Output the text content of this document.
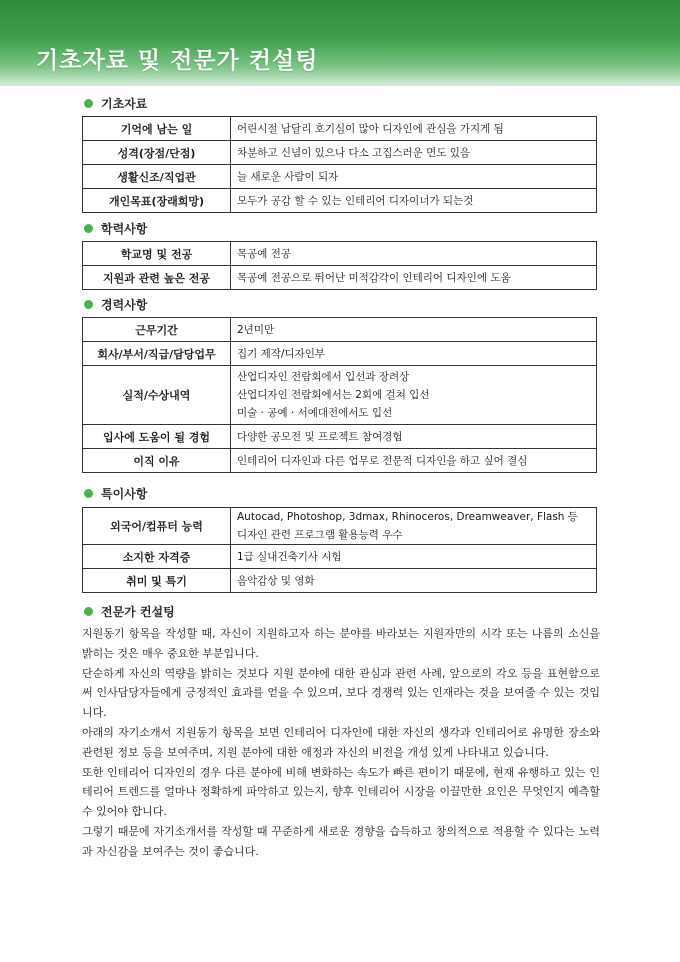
기초자료 및 전문가 컨설팅
기초자료
기억에 남는 일	어린시절 남달리 호기심이 많아 디자인에 관심을 가지게 됨
성격(장점/단점)	차분하고 신념이 있으나 다소 고집스러운 면도 있음
생활신조/직업관	늘 새로운 사람이 되자
개인목표(장래희망)	모두가 공감 할 수 있는 인테리어 디자이너가 되는것
학력사항
학교명 및 전공	목공예 전공
지원과 관련 높은 전공	목공예 전공으로 뛰어난 미적감각이 인테리어 디자인에 도움
경력사항
근무기간	2년미만
회사/부서/직급/담당업무	집기 제작/디자인부
실적/수상내역	산업디자인 전람회에서 입선과 장려상
산업디자인 전람회에서는 2회에 걸쳐 입선
미술 · 공예 · 서예대전에서도 입선

입사에 도움이 될 경험	다양한 공모전 및 프로젝트 참여경험
이직 이유	인테리어 디자인과 다른 업무로 전문적 디자인을 하고 싶어 결심
특이사항
외국어/컴퓨터 능력	Autocad, Photoshop, 3dmax, Rhinoceros, Dreamweaver, Flash 등
디자인 관련 프로그램 활용능력 우수

소지한 자격증	1급 실내건축기사 시험
취미 및 특기	음악감상 및 영화
전문가 컨설팅

지원동기 항목을 작성할 때, 자신이 지원하고자 하는 분야를 바라보는 지원자만의 시각 또는 나름의 소신을 밝히는 것은 매우 중요한 부분입니다.

단순하게 자신의 역량을 밝히는 것보다 지원 분야에 대한 관심과 관련 사례, 앞으로의 각오 등을 표현함으로써 인사담당자들에게 긍정적인 효과를 얻을 수 있으며, 보다 경쟁력 있는 인재라는 것을 보여줄 수 있는 것입니다.

아래의 자기소개서 지원동기 항목을 보면 인테리어 디자인에 대한 자신의 생각과 인테리어로 유명한 장소와 관련된 정보 등을 보여주며, 지원 분야에 대한 애정과 자신의 비전을 개성 있게 나타내고 있습니다.

또한 인테리어 디자인의 경우 다른 분야에 비해 변화하는 속도가 빠른 편이기 때문에, 현재 유행하고 있는 인테리어 트렌드를 얼마나 정확하게 파악하고 있는지, 향후 인테리어 시장을 이끌만한 요인은 무엇인지 예측할 수 있어야 합니다.

그렇기 때문에 자기소개서를 작성할 때 꾸준하게 새로운 경향을 습득하고 창의적으로 적용할 수 있다는 노력과 자신감을 보여주는 것이 좋습니다.
